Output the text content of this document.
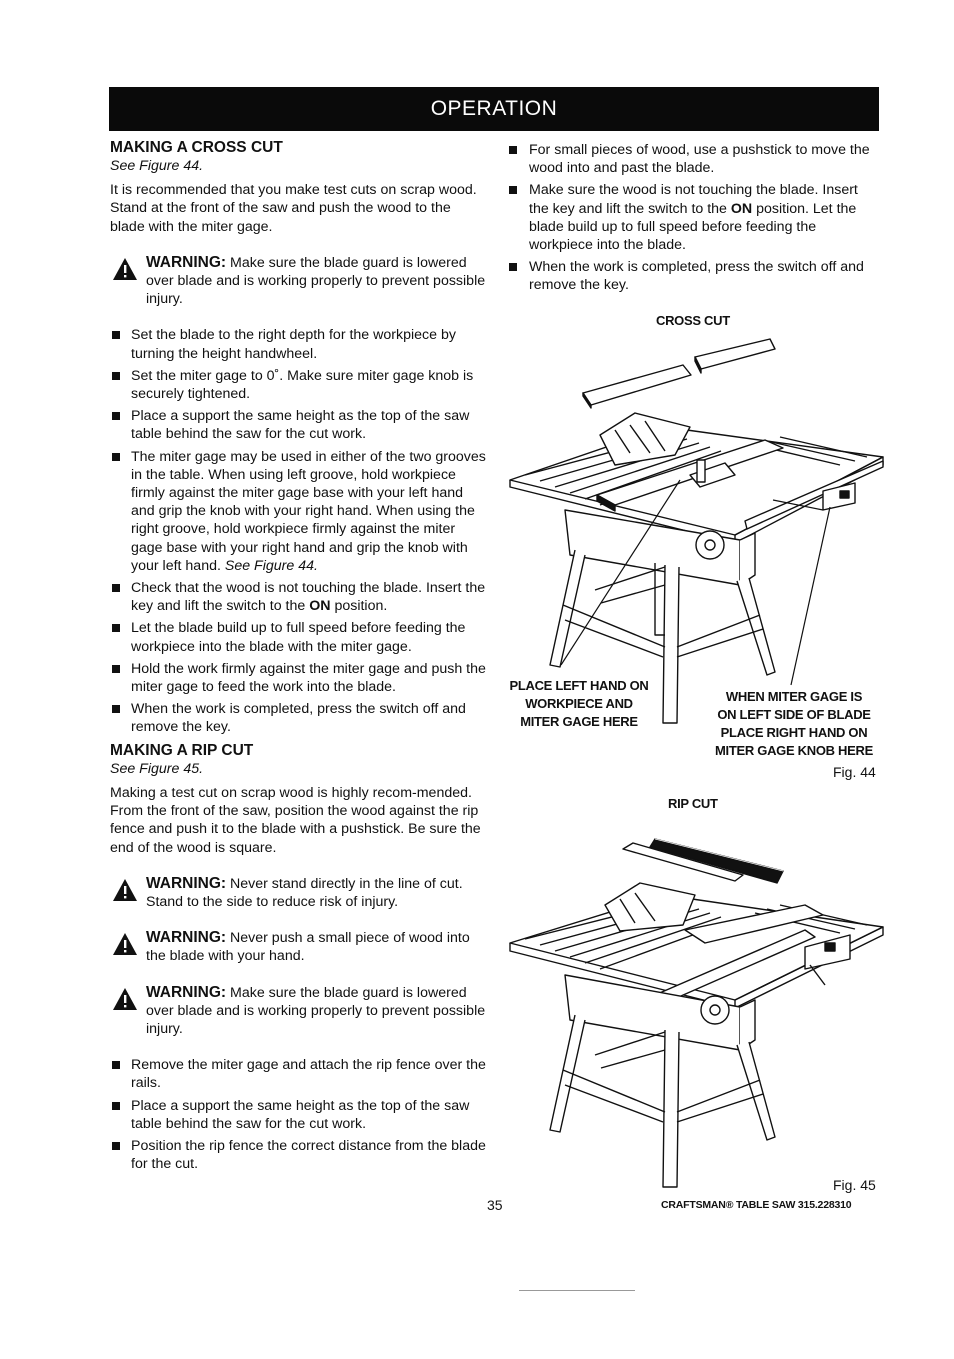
OPERATION
MAKING A CROSS CUT

See Figure 44.

It is recommended that you make test cuts on scrap wood. Stand at the front of the saw and push the wood to the blade with the miter gage.

WARNING: Make sure the blade guard is lowered over blade and is working properly to prevent possible injury.
Set the blade to the right depth for the workpiece by turning the height handwheel.
Set the miter gage to 0˚. Make sure miter gage knob is securely tightened.
Place a support the same height as the top of the saw table behind the saw for the cut work.
The miter gage may be used in either of the two grooves in the table. When using left groove, hold workpiece firmly against the miter gage base with your left hand and grip the knob with your right hand. When using the right groove, hold workpiece firmly against the miter gage base with your right hand and grip the knob with your left hand. See Figure 44.
Check that the wood is not touching the blade. Insert the key and lift the switch to the ON position.
Let the blade build up to full speed before feeding the workpiece into the blade with the miter gage.
Hold the work firmly against the miter gage and push the miter gage to feed the work into the blade.
When the work is completed, press the switch off and remove the key.
MAKING A RIP CUT

See Figure 45.

Making a test cut on scrap wood is highly recom-mended. From the front of the saw, position the wood against the rip fence and push it to the blade with a pushstick. Be sure the end of the wood is square.

WARNING: Never stand directly in the line of cut. Stand to the side to reduce risk of injury.
WARNING: Never push a small piece of wood into the blade with your hand.
WARNING: Make sure the blade guard is lowered over blade and is working properly to prevent possible injury.
Remove the miter gage and attach the rip fence over the rails.
Place a support the same height as the top of the saw table behind the saw for the cut work.
Position the rip fence the correct distance from the blade for the cut.
For small pieces of wood, use a pushstick to move the wood into and past the blade.
Make sure the wood is not touching the blade. Insert the key and lift the switch to the ON position. Let the blade build up to full speed before feeding the workpiece into the blade.
When the work is completed, press the switch off and remove the key.
CROSS CUT
PLACE LEFT HAND ON
WORKPIECE AND
MITER GAGE HERE
WHEN MITER GAGE IS
ON LEFT SIDE OF BLADE
PLACE RIGHT HAND ON
MITER GAGE KNOB HERE
Fig. 44
RIP CUT
Fig. 45
35	CRAFTSMAN® TABLE SAW 315.228310
